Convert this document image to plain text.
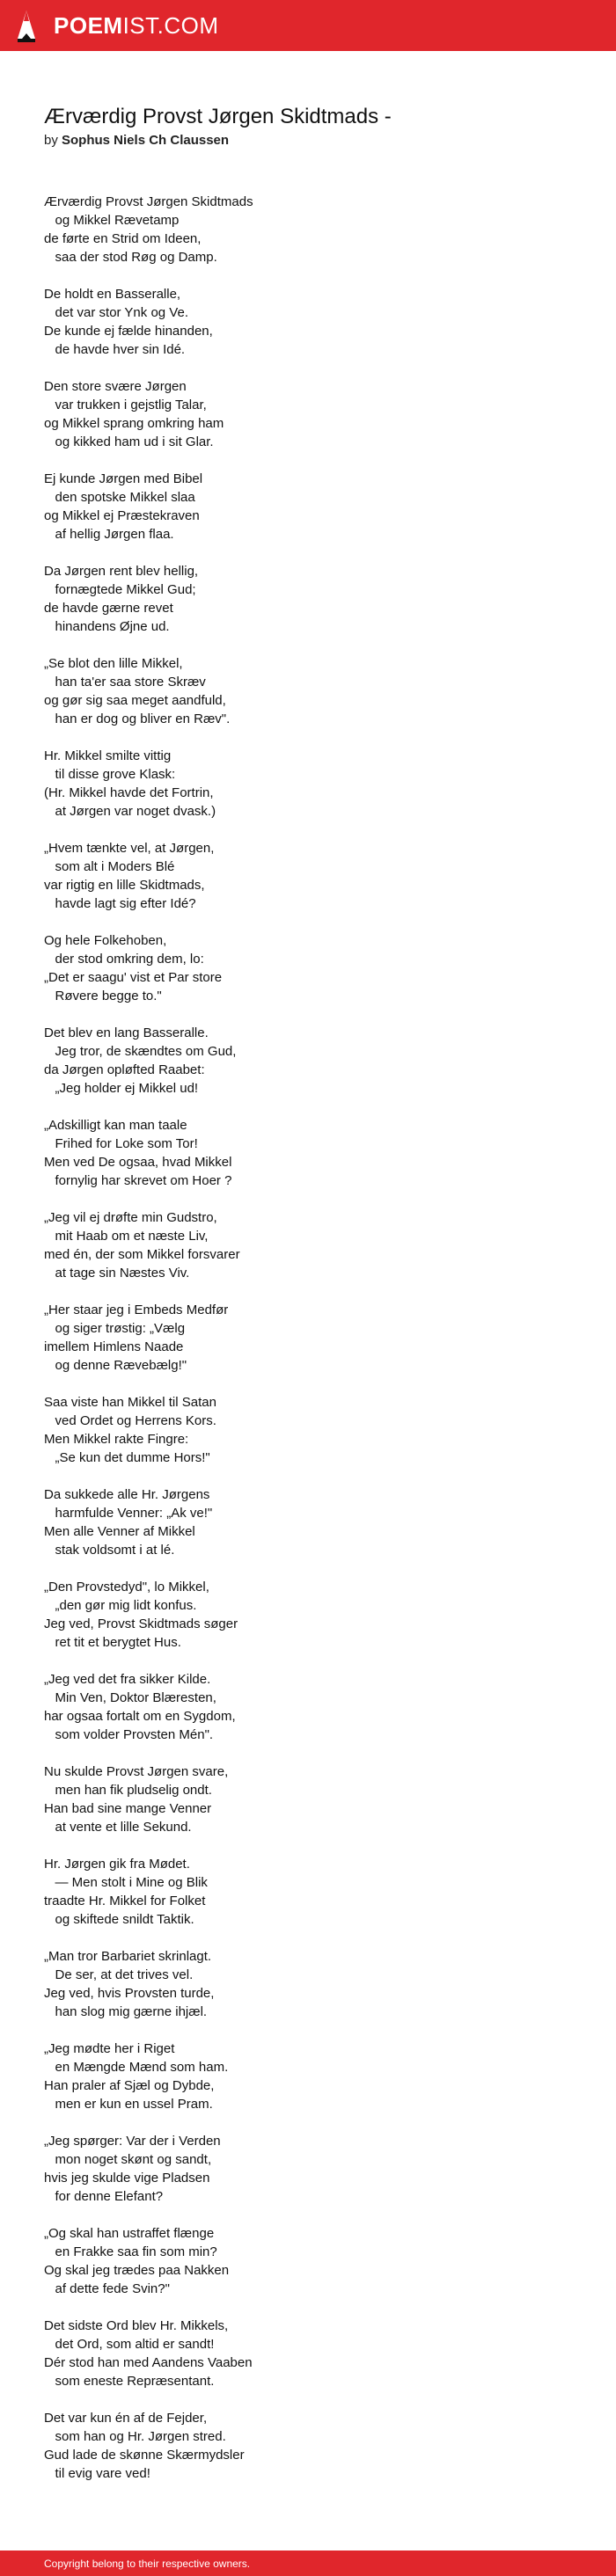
POEMIST.COM
Ærværdig Provst Jørgen Skidtmads -
by Sophus Niels Ch Claussen
Ærværdig Provst Jørgen Skidtmads
og Mikkel Rævetamp
de førte en Strid om Ideen,
saa der stod Røg og Damp.
De holdt en Basseralle,
det var stor Ynk og Ve.
De kunde ej fælde hinanden,
de havde hver sin Idé.
Den store svære Jørgen
var trukken i gejstlig Talar,
og Mikkel sprang omkring ham
og kikked ham ud i sit Glar.
Ej kunde Jørgen med Bibel
den spotske Mikkel slaa
og Mikkel ej Præstekraven
af hellig Jørgen flaa.
Da Jørgen rent blev hellig,
fornægtede Mikkel Gud;
de havde gærne revet
hinandens Øjne ud.
„Se blot den lille Mikkel,
han ta'er saa store Skræv
og gør sig saa meget aandfuld,
han er dog og bliver en Ræv".
Hr. Mikkel smilte vittig
til disse grove Klask:
(Hr. Mikkel havde det Fortrin,
at Jørgen var noget dvask.)
„Hvem tænkte vel, at Jørgen,
som alt i Moders Blé
var rigtig en lille Skidtmads,
havde lagt sig efter Idé?
Og hele Folkehoben,
der stod omkring dem, lo:
„Det er saagu' vist et Par store
Røvere begge to."
Det blev en lang Basseralle.
Jeg tror, de skændtes om Gud,
da Jørgen opløfted Raabet:
„Jeg holder ej Mikkel ud!
„Adskilligt kan man taale
Frihed for Loke som Tor!
Men ved De ogsaa, hvad Mikkel
fornylig har skrevet om Hoer ?
„Jeg vil ej drøfte min Gudstro,
mit Haab om et næste Liv,
med én, der som Mikkel forsvarer
at tage sin Næstes Viv.
„Her staar jeg i Embeds Medfør
og siger trøstig: „Vælg
imellem Himlens Naade
og denne Rævebælg!"
Saa viste han Mikkel til Satan
ved Ordet og Herrens Kors.
Men Mikkel rakte Fingre:
„Se kun det dumme Hors!"
Da sukkede alle Hr. Jørgens
harmfulde Venner: „Ak ve!"
Men alle Venner af Mikkel
stak voldsomt i at lé.
„Den Provstedyd", lo Mikkel,
„den gør mig lidt konfus.
Jeg ved, Provst Skidtmads søger
ret tit et berygtet Hus.
„Jeg ved det fra sikker Kilde.
Min Ven, Doktor Blæresten,
har ogsaa fortalt om en Sygdom,
som volder Provsten Mén".
Nu skulde Provst Jørgen svare,
men han fik pludselig ondt.
Han bad sine mange Venner
at vente et lille Sekund.
Hr. Jørgen gik fra Mødet.
— Men stolt i Mine og Blik
traadte Hr. Mikkel for Folket
og skiftede snildt Taktik.
„Man tror Barbariet skrinlagt.
De ser, at det trives vel.
Jeg ved, hvis Provsten turde,
han slog mig gærne ihjæl.
„Jeg mødte her i Riget
en Mængde Mænd som ham.
Han praler af Sjæl og Dybde,
men er kun en ussel Pram.
„Jeg spørger: Var der i Verden
mon noget skønt og sandt,
hvis jeg skulde vige Pladsen
for denne Elefant?
„Og skal han ustraffet flænge
en Frakke saa fin som min?
Og skal jeg trædes paa Nakken
af dette fede Svin?"
Det sidste Ord blev Hr. Mikkels,
det Ord, som altid er sandt!
Dér stod han med Aandens Vaaben
som eneste Repræsentant.
Det var kun én af de Fejder,
som han og Hr. Jørgen stred.
Gud lade de skønne Skærmydsler
til evig vare ved!
Copyright belong to their respective owners.
